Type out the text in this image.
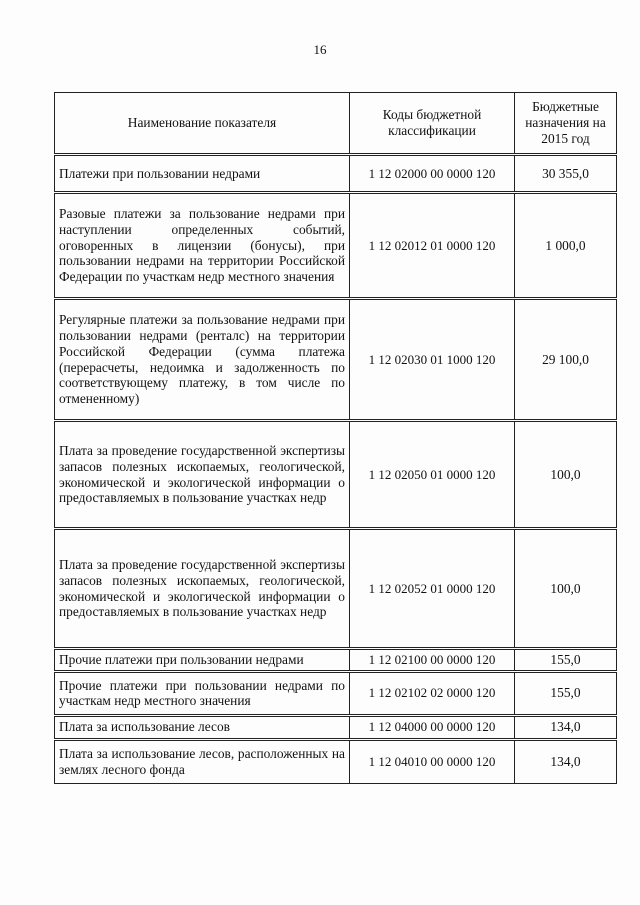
16
Наименование показателя	Коды бюджетной классификации	Бюджетные назначения на 2015 год
Платежи при пользовании недрами	1 12 02000 00 0000 120	30 355,0
Разовые платежи за пользование недрами при наступлении определенных событий, оговоренных в лицензии (бонусы), при пользовании недрами на территории Российской Федерации по участкам недр местного значения	1 12 02012 01 0000 120	1 000,0
Регулярные платежи за пользование недрами при пользовании недрами (ренталс) на территории Российской Федерации (сумма платежа (перерасчеты, недоимка и задолженность по соответствующему платежу, в том числе по отмененному)	1 12 02030 01 1000 120	29 100,0
Плата за проведение государственной экспертизы запасов полезных ископаемых, геологической, экономической и экологической информации о предоставляемых в пользование участках недр	1 12 02050 01 0000 120	100,0
Плата за проведение государственной экспертизы запасов полезных ископаемых, геологической, экономической и экологической информации о предоставляемых в пользование участках недр	1 12 02052 01 0000 120	100,0
Прочие платежи при пользовании недрами	1 12 02100 00 0000 120	155,0
Прочие платежи при пользовании недрами по участкам недр местного значения	1 12 02102 02 0000 120	155,0
Плата за использование лесов	1 12 04000 00 0000 120	134,0
Плата за использование лесов, расположенных на землях лесного фонда	1 12 04010 00 0000 120	134,0
